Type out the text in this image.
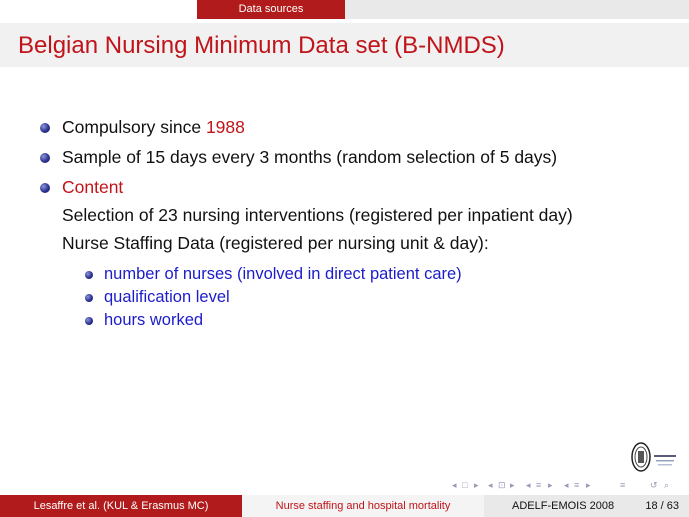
Data sources
Belgian Nursing Minimum Data set (B-NMDS)
Compulsory since 1988
Sample of 15 days every 3 months (random selection of 5 days)
Content
Selection of 23 nursing interventions (registered per inpatient day)
Nurse Staffing Data (registered per nursing unit & day):
number of nurses (involved in direct patient care)
qualification level
hours worked
◂ □ ▸ ◂ ⊡ ▸ ◂ ≡ ▸ ◂ ≡ ▸	≡	↺ ⌕
Lesaffre et al. (KUL & Erasmus MC)	Nurse staffing and hospital mortality	ADELF-EMOIS 2008	18 / 63
